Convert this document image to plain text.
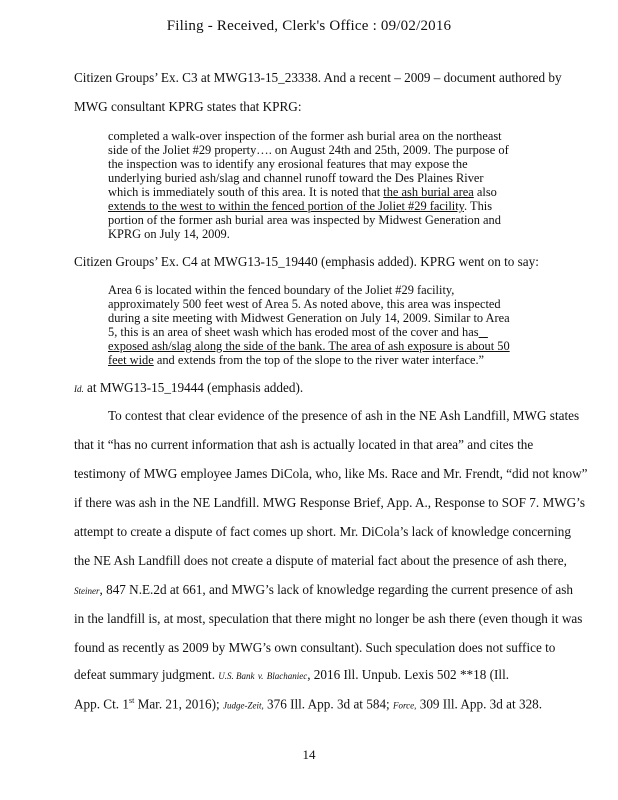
Filing - Received, Clerk's Office : 09/02/2016
Citizen Groups’ Ex. C3 at MWG13-15_23338. And a recent – 2009 – document authored by
MWG consultant KPRG states that KPRG:
completed a walk-over inspection of the former ash burial area on the northeast
side of the Joliet #29 property…. on August 24th and 25th, 2009. The purpose of
the inspection was to identify any erosional features that may expose the
underlying buried ash/slag and channel runoff toward the Des Plaines River
which is immediately south of this area. It is noted that the ash burial area also
extends to the west to within the fenced portion of the Joliet #29 facility. This
portion of the former ash burial area was inspected by Midwest Generation and
KPRG on July 14, 2009.
Citizen Groups’ Ex. C4 at MWG13-15_19440 (emphasis added). KPRG went on to say:
Area 6 is located within the fenced boundary of the Joliet #29 facility,
approximately 500 feet west of Area 5. As noted above, this area was inspected
during a site meeting with Midwest Generation on July 14, 2009. Similar to Area
5, this is an area of sheet wash which has eroded most of the cover and has
exposed ash/slag along the side of the bank. The area of ash exposure is about 50
feet wide and extends from the top of the slope to the river water interface.”
Id. at MWG13-15_19444 (emphasis added).
To contest that clear evidence of the presence of ash in the NE Ash Landfill, MWG states
that it “has no current information that ash is actually located in that area” and cites the
testimony of MWG employee James DiCola, who, like Ms. Race and Mr. Frendt, “did not know”
if there was ash in the NE Landfill. MWG Response Brief, App. A., Response to SOF 7. MWG’s
attempt to create a dispute of fact comes up short. Mr. DiCola’s lack of knowledge concerning
the NE Ash Landfill does not create a dispute of material fact about the presence of ash there,
Steiner, 847 N.E.2d at 661, and MWG’s lack of knowledge regarding the current presence of ash
in the landfill is, at most, speculation that there might no longer be ash there (even though it was
found as recently as 2009 by MWG’s own consultant). Such speculation does not suffice to
defeat summary judgment. U.S. Bank v. Blachaniec, 2016 Ill. Unpub. Lexis 502 **18 (Ill.
App. Ct. 1st Mar. 21, 2016); Judge-Zeit, 376 Ill. App. 3d at 584; Force, 309 Ill. App. 3d at 328.
14
